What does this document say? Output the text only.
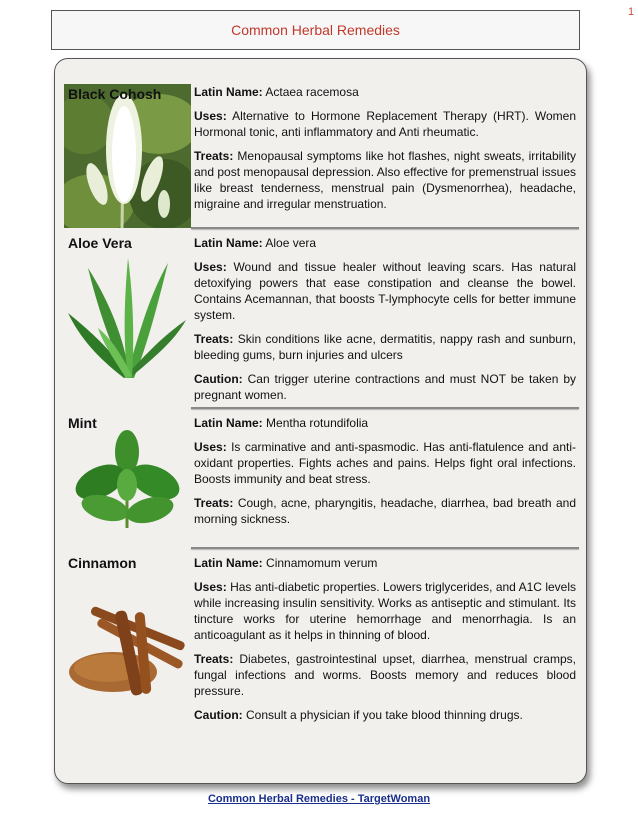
1
Common Herbal Remedies
Black Cohosh	Latin Name: Actaea racemosa

Uses: Alternative to Hormone Replacement Therapy (HRT). Women Hormonal tonic, anti inflammatory and Anti rheumatic.

Treats: Menopausal symptoms like hot flashes, night sweats, irritability and post menopausal depression. Also effective for premenstrual issues like breast tenderness, menstrual pain (Dysmenorrhea), headache, migraine and irregular menstruation.

Aloe Vera	Latin Name: Aloe vera

Uses: Wound and tissue healer without leaving scars. Has natural detoxifying powers that ease constipation and cleanse the bowel. Contains Acemannan, that boosts T-lymphocyte cells for better immune system.

Treats: Skin conditions like acne, dermatitis, nappy rash and sunburn, bleeding gums, burn injuries and ulcers

Caution: Can trigger uterine contractions and must NOT be taken by pregnant women.

Mint	Latin Name: Mentha rotundifolia

Uses: Is carminative and anti-spasmodic. Has anti-flatulence and anti-oxidant properties. Fights aches and pains. Helps fight oral infections. Boosts immunity and beat stress.

Treats: Cough, acne, pharyngitis, headache, diarrhea, bad breath and morning sickness.

Cinnamon	Latin Name: Cinnamomum verum

Uses: Has anti-diabetic properties. Lowers triglycerides, and A1C levels while increasing insulin sensitivity. Works as antiseptic and stimulant. Its tincture works for uterine hemorrhage and menorrhagia. Is an anticoagulant as it helps in thinning of blood.

Treats: Diabetes, gastrointestinal upset, diarrhea, menstrual cramps, fungal infections and worms. Boosts memory and reduces blood pressure.

Caution: Consult a physician if you take blood thinning drugs.

Common Herbal Remedies - TargetWoman
